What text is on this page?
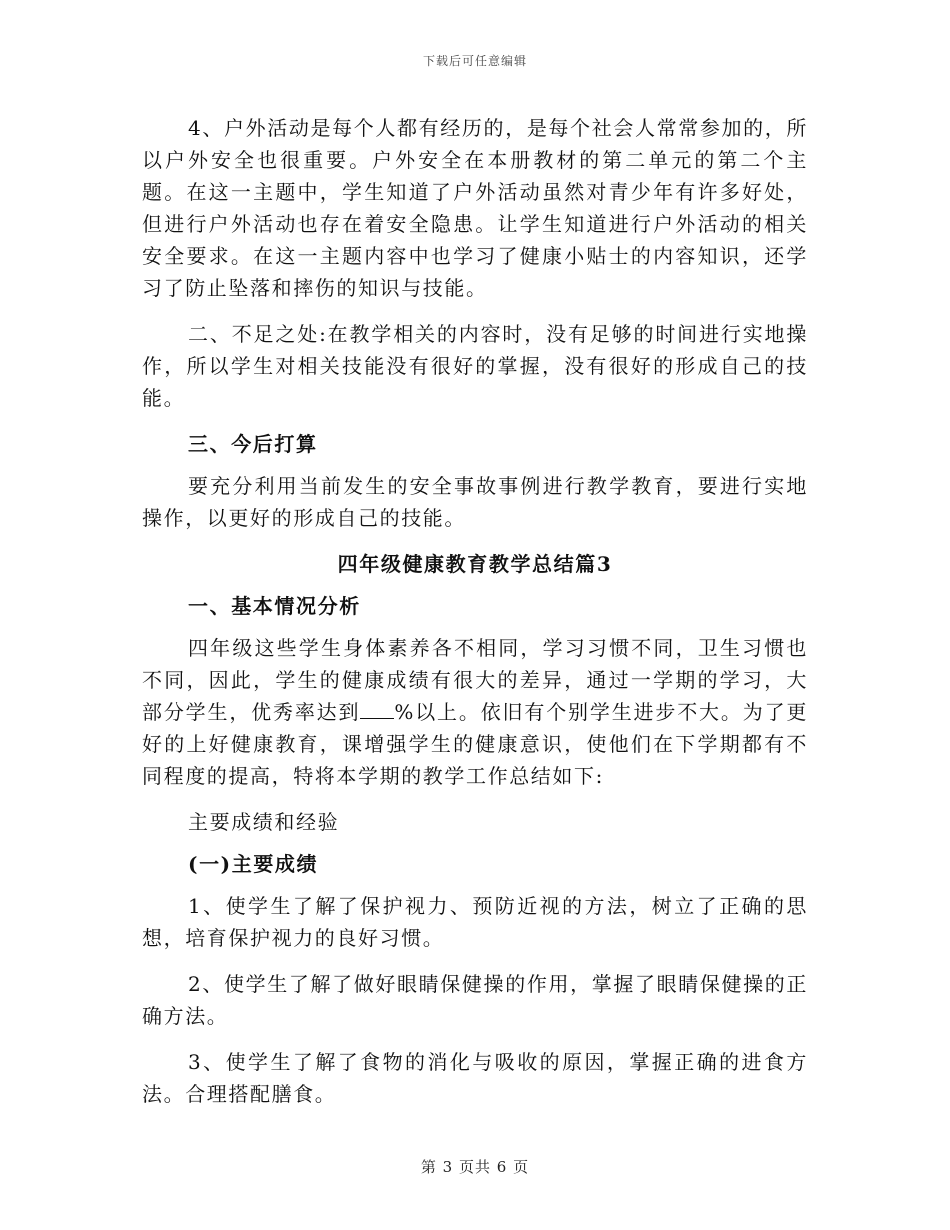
下载后可任意编辑

4、户外活动是每个人都有经历的，是每个社会人常常参加的，所以户外安全也很重要。户外安全在本册教材的第二单元的第二个主题。在这一主题中，学生知道了户外活动虽然对青少年有许多好处，但进行户外活动也存在着安全隐患。让学生知道进行户外活动的相关安全要求。在这一主题内容中也学习了健康小贴士的内容知识，还学习了防止坠落和摔伤的知识与技能。

二、不足之处:在教学相关的内容时，没有足够的时间进行实地操作，所以学生对相关技能没有很好的掌握，没有很好的形成自己的技能。

三、今后打算

要充分利用当前发生的安全事故事例进行教学教育，要进行实地操作，以更好的形成自己的技能。

四年级健康教育教学总结篇3

一、基本情况分析

四年级这些学生身体素养各不相同，学习习惯不同，卫生习惯也不同，因此，学生的健康成绩有很大的差异，通过一学期的学习，大部分学生，优秀率达到 %以上。依旧有个别学生进步不大。为了更好的上好健康教育，课增强学生的健康意识，使他们在下学期都有不同程度的提高，特将本学期的教学工作总结如下:

主要成绩和经验

(一)主要成绩

1、使学生了解了保护视力、预防近视的方法，树立了正确的思想，培育保护视力的良好习惯。

2、使学生了解了做好眼睛保健操的作用，掌握了眼睛保健操的正确方法。

3、使学生了解了食物的消化与吸收的原因，掌握正确的进食方法。合理搭配膳食。

第 3 页共 6 页
